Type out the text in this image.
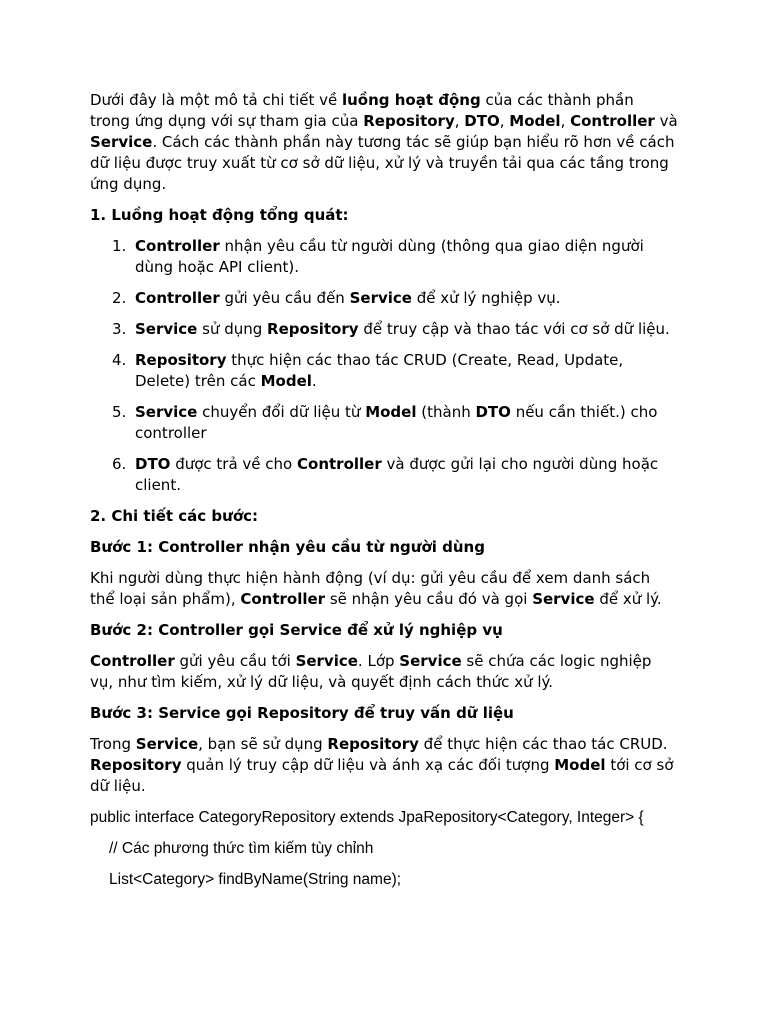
Dưới đây là một mô tả chi tiết về luồng hoạt động của các thành phần trong ứng dụng với sự tham gia của Repository, DTO, Model, Controller và Service. Cách các thành phần này tương tác sẽ giúp bạn hiểu rõ hơn về cách dữ liệu được truy xuất từ cơ sở dữ liệu, xử lý và truyền tải qua các tầng trong ứng dụng.

1. Luồng hoạt động tổng quát:

1. Controller nhận yêu cầu từ người dùng (thông qua giao diện người dùng hoặc API client).
2. Controller gửi yêu cầu đến Service để xử lý nghiệp vụ.
3. Service sử dụng Repository để truy cập và thao tác với cơ sở dữ liệu.
4. Repository thực hiện các thao tác CRUD (Create, Read, Update, Delete) trên các Model.
5. Service chuyển đổi dữ liệu từ Model (thành DTO nếu cần thiết.) cho controller
6. DTO được trả về cho Controller và được gửi lại cho người dùng hoặc client.

2. Chi tiết các bước:

Bước 1: Controller nhận yêu cầu từ người dùng

Khi người dùng thực hiện hành động (ví dụ: gửi yêu cầu để xem danh sách thể loại sản phẩm), Controller sẽ nhận yêu cầu đó và gọi Service để xử lý.

Bước 2: Controller gọi Service để xử lý nghiệp vụ

Controller gửi yêu cầu tới Service. Lớp Service sẽ chứa các logic nghiệp vụ, như tìm kiếm, xử lý dữ liệu, và quyết định cách thức xử lý.

Bước 3: Service gọi Repository để truy vấn dữ liệu

Trong Service, bạn sẽ sử dụng Repository để thực hiện các thao tác CRUD. Repository quản lý truy cập dữ liệu và ánh xạ các đối tượng Model tới cơ sở dữ liệu.

public interface CategoryRepository extends JpaRepository<Category, Integer> {

// Các phương thức tìm kiếm tùy chỉnh

List<Category> findByName(String name);
